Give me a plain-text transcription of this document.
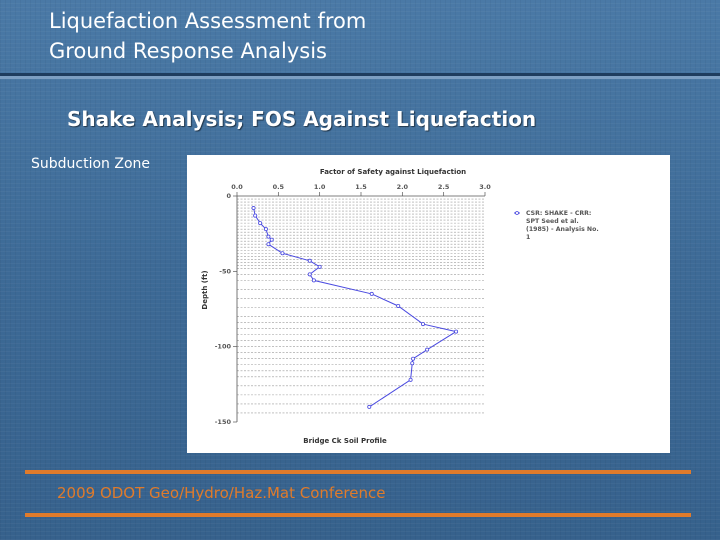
Liquefaction Assessment from
Ground Response Analysis
Shake Analysis; FOS Against Liquefaction
Subduction Zone	Factor of Safety against Liquefaction
Bridge Ck Soil Profile
Depth (ft)
0.0	0.5	1.0	1.5	2.0	2.5	3.0
0
-50
-100
-150
CSR: SHAKE - CRR:
SPT Seed et al.
(1985) - Analysis No.
1
2009 ODOT Geo/Hydro/Haz.Mat Conference
